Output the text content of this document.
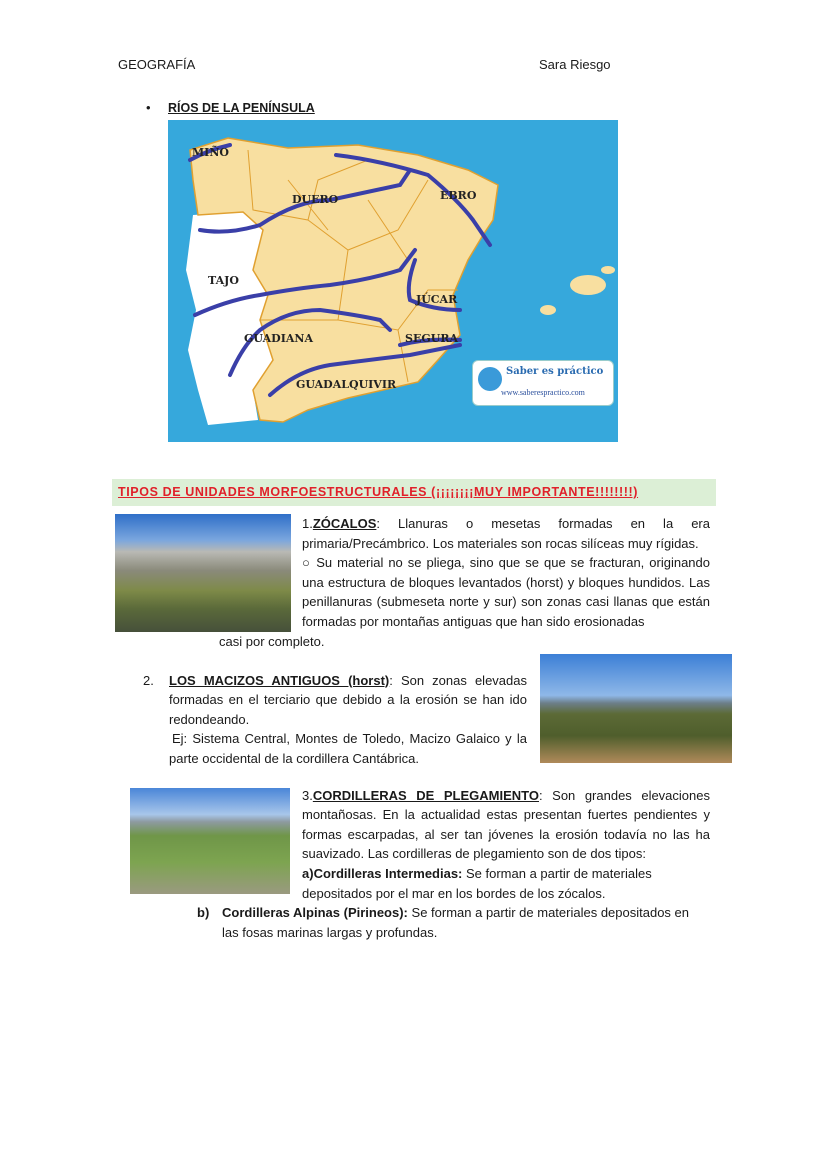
GEOGRAFÍA	Sara Riesgo
• RÍOS DE LA PENÍNSULA
MIÑO
DUERO	EBRO
TAJO
JÚCAR
GUADIANA	SEGURA
GUADALQUIVIR
Saber es práctico
www.saberespractico.com
TIPOS DE UNIDADES MORFOESTRUCTURALES (¡¡¡¡¡¡¡¡MUY IMPORTANTE!!!!!!!!)
1.ZÓCALOS: Llanuras o mesetas formadas en la era primaria/Precámbrico. Los materiales son rocas silíceas muy rígidas.
○ Su material no se pliega, sino que se que se fracturan, originando una estructura de bloques levantados (horst) y bloques hundidos. Las penillanuras (submeseta norte y sur) son zonas casi llanas que están formadas por montañas antiguas que han sido erosionadas
casi por completo.
2.	LOS MACIZOS ANTIGUOS (horst): Son zonas elevadas formadas en el terciario que debido a la erosión se han ido redondeando.
Ej: Sistema Central, Montes de Toledo, Macizo Galaico y la parte occidental de la cordillera Cantábrica.
3.CORDILLERAS DE PLEGAMIENTO: Son grandes elevaciones montañosas. En la actualidad estas presentan fuertes pendientes y formas escarpadas, al ser tan jóvenes la erosión todavía no las ha suavizado. Las cordilleras de plegamiento son de dos tipos:
a)Cordilleras Intermedias: Se forman a partir de materiales depositados por el mar en los bordes de los zócalos.
b) Cordilleras Alpinas (Pirineos): Se forman a partir de materiales depositados en las fosas marinas largas y profundas.
